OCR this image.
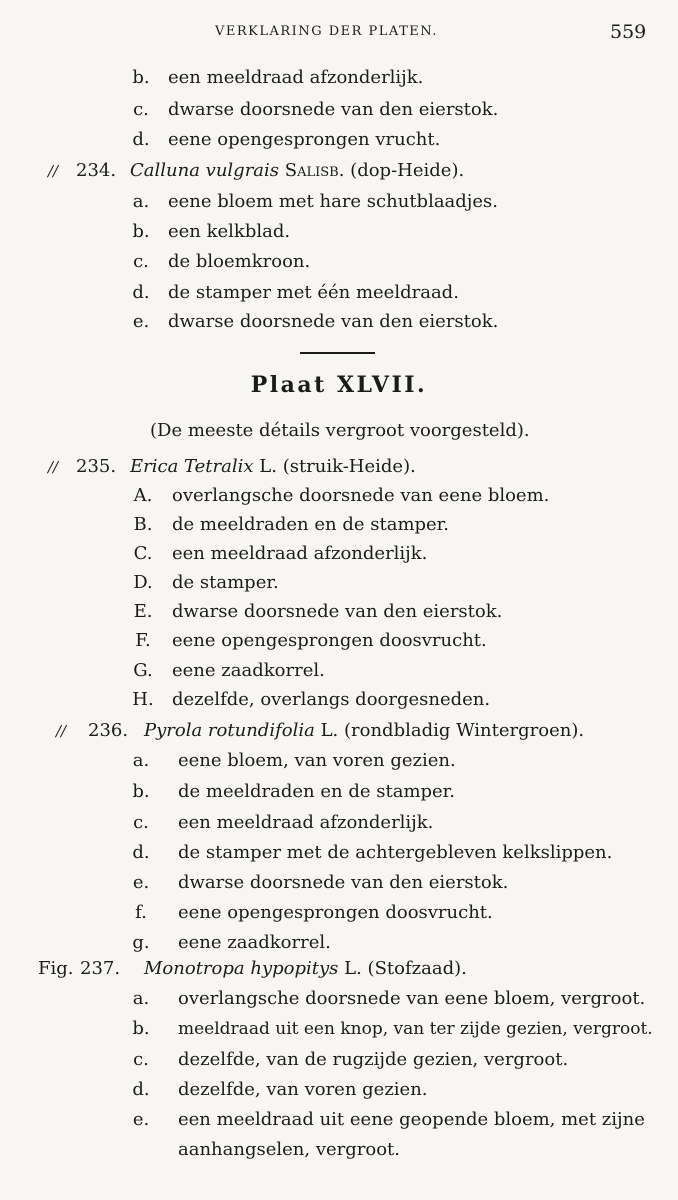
VERKLARING DER PLATEN.	559
b. een meeldraad afzonderlijk.
c. dwarse doorsnede van den eierstok.
d. eene opengesprongen vrucht.
// 234. Calluna vulgrais Salisb. (dop-Heide).
a. eene bloem met hare schutblaadjes.
b. een kelkblad.
c. de bloemkroon.
d. de stamper met één meeldraad.
e. dwarse doorsnede van den eierstok.
Plaat XLVII.
(De meeste détails vergroot voorgesteld).
// 235. Erica Tetralix L. (struik-Heide).
A. overlangsche doorsnede van eene bloem.
B. de meeldraden en de stamper.
C. een meeldraad afzonderlijk.
D. de stamper.
E. dwarse doorsnede van den eierstok.
F. eene opengesprongen doosvrucht.
G. eene zaadkorrel.
H. dezelfde, overlangs doorgesneden.
// 236. Pyrola rotundifolia L. (rondbladig Wintergroen).
a. eene bloem, van voren gezien.
b. de meeldraden en de stamper.
c. een meeldraad afzonderlijk.
d. de stamper met de achtergebleven kelkslippen.
e. dwarse doorsnede van den eierstok.
f.	eene opengesprongen doosvrucht.
g. eene zaadkorrel.
Fig. 237. Monotropa hypopitys L. (Stofzaad).
a. overlangsche doorsnede van eene bloem, vergroot.
b. meeldraad uit een knop, van ter zijde gezien, vergroot.
c. dezelfde, van de rugzijde gezien, vergroot.
d. dezelfde, van voren gezien.
e. een meeldraad uit eene geopende bloem, met zijne
aanhangselen, vergroot.
